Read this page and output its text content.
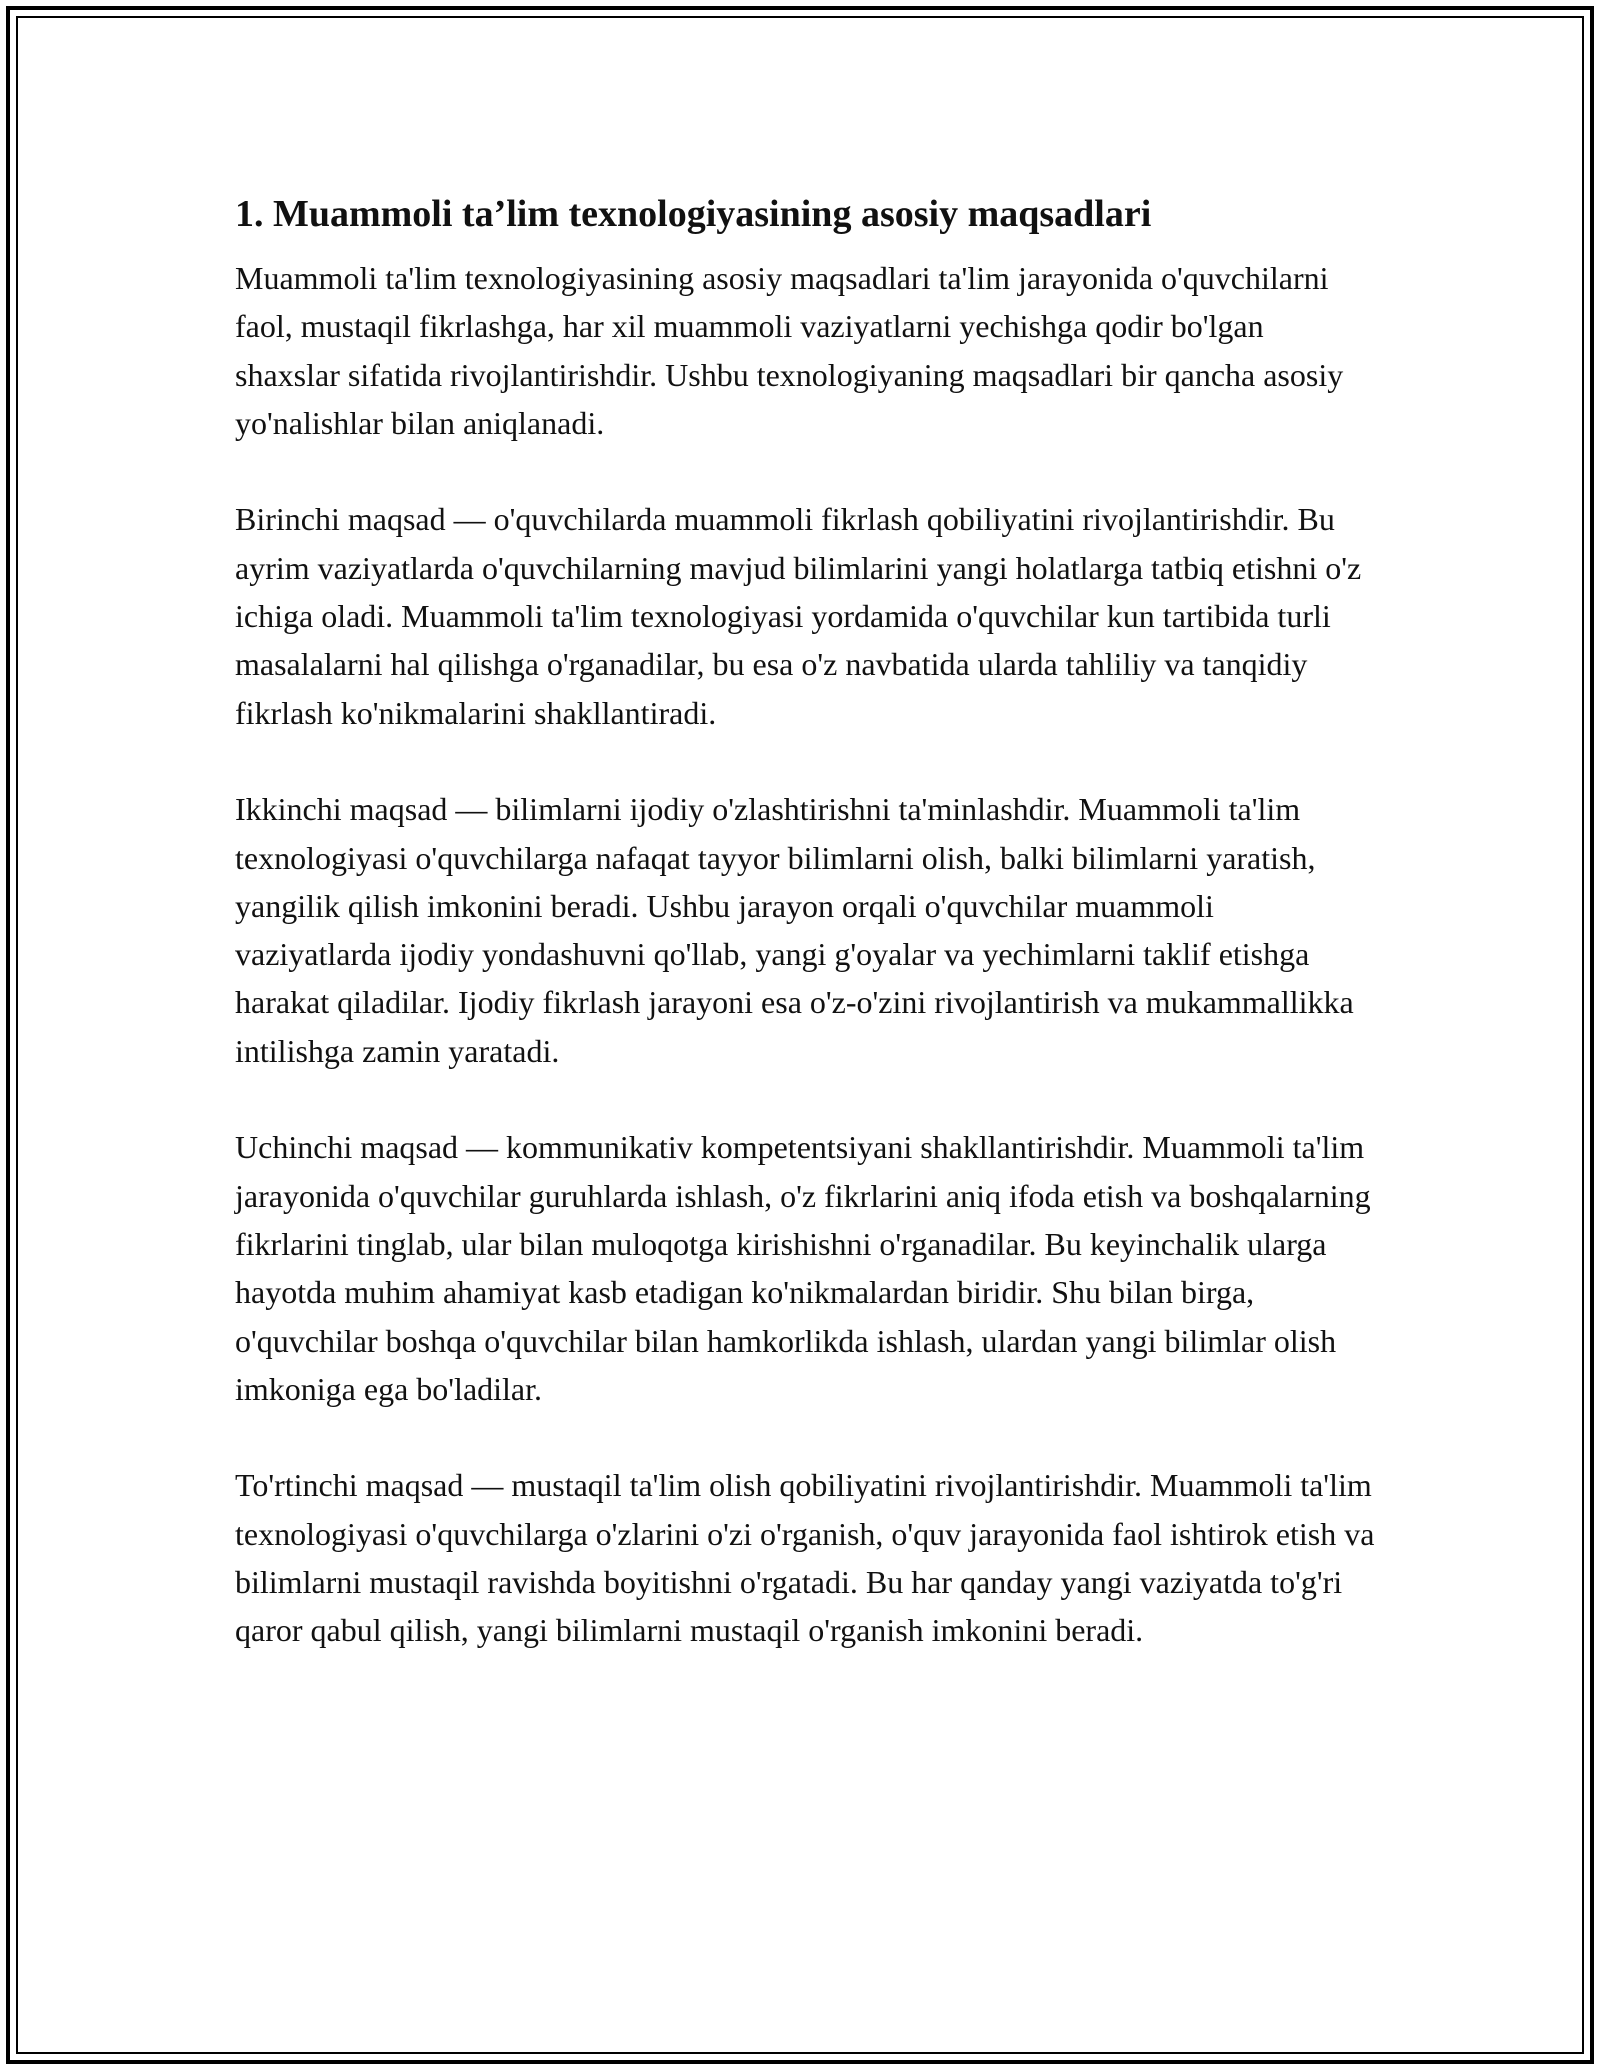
1. Muammoli ta’lim texnologiyasining asosiy maqsadlari

Muammoli ta'lim texnologiyasining asosiy maqsadlari ta'lim jarayonida o'quvchilarni faol, mustaqil fikrlashga, har xil muammoli vaziyatlarni yechishga qodir bo'lgan shaxslar sifatida rivojlantirishdir. Ushbu texnologiyaning maqsadlari bir qancha asosiy yo'nalishlar bilan aniqlanadi.

Birinchi maqsad — o'quvchilarda muammoli fikrlash qobiliyatini rivojlantirishdir. Bu ayrim vaziyatlarda o'quvchilarning mavjud bilimlarini yangi holatlarga tatbiq etishni o'z ichiga oladi. Muammoli ta'lim texnologiyasi yordamida o'quvchilar kun tartibida turli masalalarni hal qilishga o'rganadilar, bu esa o'z navbatida ularda tahliliy va tanqidiy fikrlash ko'nikmalarini shakllantiradi.

Ikkinchi maqsad — bilimlarni ijodiy o'zlashtirishni ta'minlashdir. Muammoli ta'lim texnologiyasi o'quvchilarga nafaqat tayyor bilimlarni olish, balki bilimlarni yaratish, yangilik qilish imkonini beradi. Ushbu jarayon orqali o'quvchilar muammoli vaziyatlarda ijodiy yondashuvni qo'llab, yangi g'oyalar va yechimlarni taklif etishga harakat qiladilar. Ijodiy fikrlash jarayoni esa o'z-o'zini rivojlantirish va mukammallikka intilishga zamin yaratadi.

Uchinchi maqsad — kommunikativ kompetentsiyani shakllantirishdir. Muammoli ta'lim jarayonida o'quvchilar guruhlarda ishlash, o'z fikrlarini aniq ifoda etish va boshqalarning fikrlarini tinglab, ular bilan muloqotga kirishishni o'rganadilar. Bu keyinchalik ularga hayotda muhim ahamiyat kasb etadigan ko'nikmalardan biridir. Shu bilan birga, o'quvchilar boshqa o'quvchilar bilan hamkorlikda ishlash, ulardan yangi bilimlar olish imkoniga ega bo'ladilar.

To'rtinchi maqsad — mustaqil ta'lim olish qobiliyatini rivojlantirishdir. Muammoli ta'lim texnologiyasi o'quvchilarga o'zlarini o'zi o'rganish, o'quv jarayonida faol ishtirok etish va bilimlarni mustaqil ravishda boyitishni o'rgatadi. Bu har qanday yangi vaziyatda to'g'ri qaror qabul qilish, yangi bilimlarni mustaqil o'rganish imkonini beradi.
